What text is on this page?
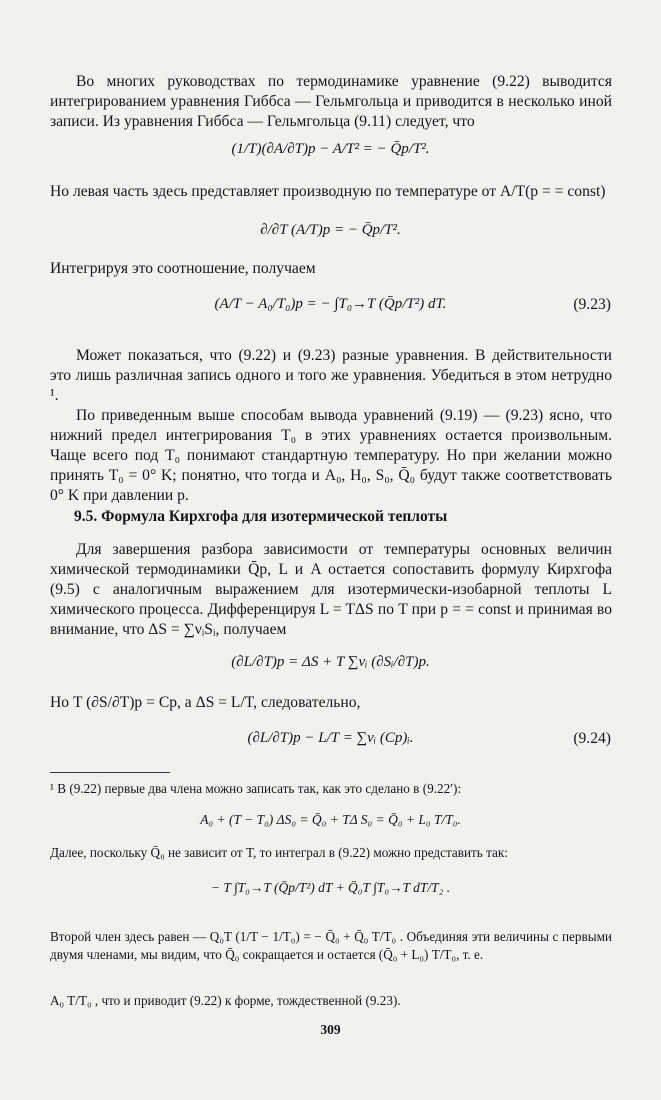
Во многих руководствах по термодинамике уравнение (9.22) выводится интегрированием уравнения Гиббса — Гельмгольца и приводится в несколько иной записи. Из уравнения Гиббса — Гельмгольца (9.11) следует, что

(1/T)(∂A/∂T)p − A/T² = − Q̄p/T².

Но левая часть здесь представляет производную по температуре от A/T(p = = const)

∂/∂T (A/T)p = − Q̄p/T².

Интегрируя это соотношение, получаем

(A/T − A₀/T₀)p = − ∫T₀→T (Q̄p/T²) dT.	(9.23)

Может показаться, что (9.22) и (9.23) разные уравнения. В действительности это лишь различная запись одного и того же уравнения. Убедиться в этом нетрудно ¹.

По приведенным выше способам вывода уравнений (9.19) — (9.23) ясно, что нижний предел интегрирования T₀ в этих уравнениях остается произвольным. Чаще всего под T₀ понимают стандартную температуру. Но при желании можно принять T₀ = 0° K; понятно, что тогда и A₀, H₀, S₀, Q̄₀ будут также соответствовать 0° K при давлении p.

9.5. Формула Кирхгофа для изотермической теплоты

Для завершения разбора зависимости от температуры основных величин химической термодинамики Q̄p, L и A остается сопоставить формулу Кирхгофа (9.5) с аналогичным выражением для изотермически-изобарной теплоты L химического процесса. Дифференцируя L = TΔS по T при p = = const и принимая во внимание, что ΔS = ∑νᵢSᵢ, получаем

(∂L/∂T)p = ΔS + T ∑νᵢ (∂Sᵢ/∂T)p.

Но T (∂S/∂T)p = Cp, а ΔS = L/T, следовательно,

(∂L/∂T)p − L/T = ∑νᵢ (Cp)ᵢ.	(9.24)

¹ В (9.22) первые два члена можно записать так, как это сделано в (9.22′):

A₀ + (T − T₀) ΔS₀ = Q̄₀ + TΔ S₀ = Q̄₀ + L₀ T/T₀.

Далее, поскольку Q̄₀ не зависит от T, то интеграл в (9.22) можно представить так:

− T ∫T₀→T (Q̄p/T²) dT + Q̄₀T ∫T₀→T dT/T₂ .

Второй член здесь равен — Q₀T (1/T − 1/T₀) = − Q̄₀ + Q̄₀ T/T₀ . Объединяя эти величины с первыми двумя членами, мы видим, что Q̄₀ сокращается и остается (Q̄₀ + L₀) T/T₀, т. е.

A₀ T/T₀ , что и приводит (9.22) к форме, тождественной (9.23).

309
